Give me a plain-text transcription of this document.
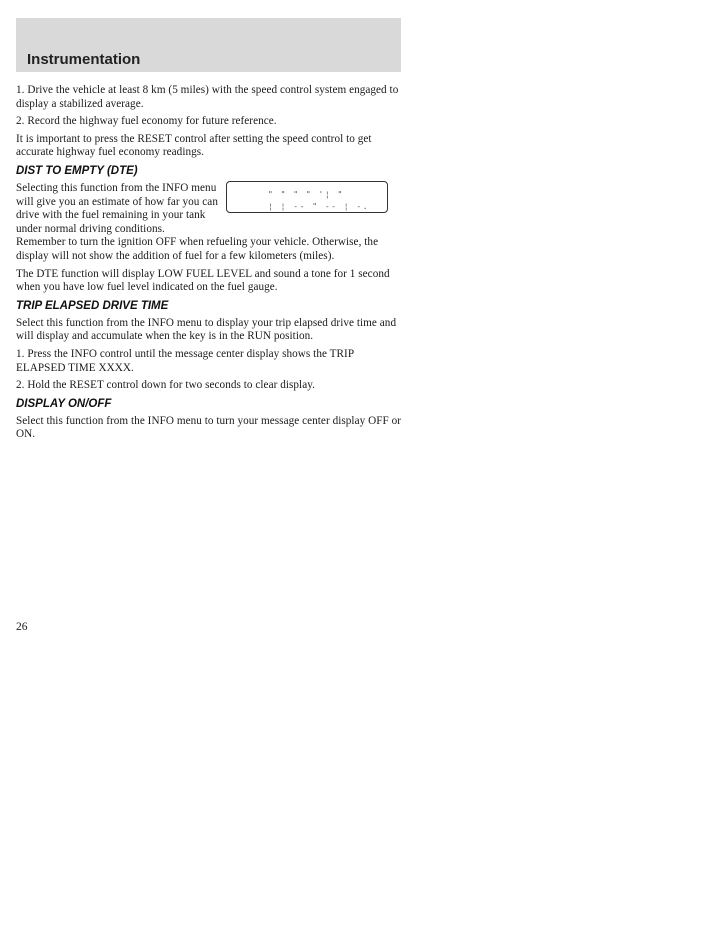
Instrumentation

1. Drive the vehicle at least 8 km (5 miles) with the speed control system engaged to display a stabilized average.

2. Record the highway fuel economy for future reference.

It is important to press the RESET control after setting the speed control to get accurate highway fuel economy readings.

DIST TO EMPTY (DTE)

Selecting this function from the INFO menu will give you an estimate of how far you can drive with the fuel remaining in your tank under normal driving conditions.

" " " " '¦ "
¦ ¦ -- " -- ¦ -.

Remember to turn the ignition OFF when refueling your vehicle. Otherwise, the display will not show the addition of fuel for a few kilometers (miles).

The DTE function will display LOW FUEL LEVEL and sound a tone for 1 second when you have low fuel level indicated on the fuel gauge.

TRIP ELAPSED DRIVE TIME

Select this function from the INFO menu to display your trip elapsed drive time and will display and accumulate when the key is in the RUN position.

1. Press the INFO control until the message center display shows the TRIP ELAPSED TIME XXXX.

2. Hold the RESET control down for two seconds to clear display.

DISPLAY ON/OFF

Select this function from the INFO menu to turn your message center display OFF or ON.

26
